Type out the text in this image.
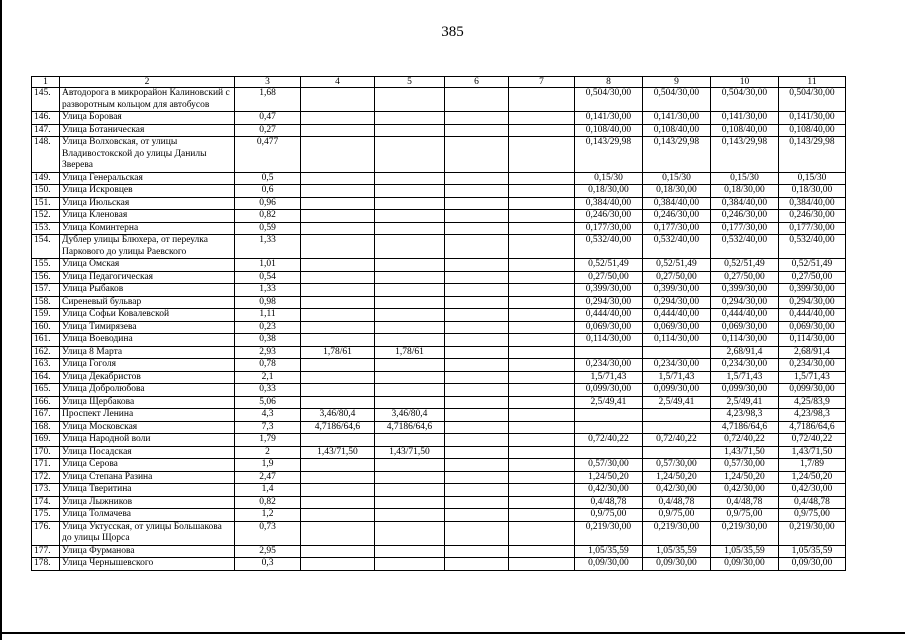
385
1	2	3	4	5	6	7	8	9	10	11
145.	Автодорога в микрорайон Калиновский с разворотным кольцом для автобусов	1,68					0,504/30,00	0,504/30,00	0,504/30,00	0,504/30,00
146.	Улица Боровая	0,47					0,141/30,00	0,141/30,00	0,141/30,00	0,141/30,00
147.	Улица Ботаническая	0,27					0,108/40,00	0,108/40,00	0,108/40,00	0,108/40,00
148.	Улица Волховская, от улицы Владивостокской до улицы Данилы Зверева	0,477					0,143/29,98	0,143/29,98	0,143/29,98	0,143/29,98
149.	Улица Генеральская	0,5					0,15/30	0,15/30	0,15/30	0,15/30
150.	Улица Искровцев	0,6					0,18/30,00	0,18/30,00	0,18/30,00	0,18/30,00
151.	Улица Июльская	0,96					0,384/40,00	0,384/40,00	0,384/40,00	0,384/40,00
152.	Улица Кленовая	0,82					0,246/30,00	0,246/30,00	0,246/30,00	0,246/30,00
153.	Улица Коминтерна	0,59					0,177/30,00	0,177/30,00	0,177/30,00	0,177/30,00
154.	Дублер улицы Блюхера, от переулка Паркового до улицы Раевского	1,33					0,532/40,00	0,532/40,00	0,532/40,00	0,532/40,00
155.	Улица Омская	1,01					0,52/51,49	0,52/51,49	0,52/51,49	0,52/51,49
156.	Улица Педагогическая	0,54					0,27/50,00	0,27/50,00	0,27/50,00	0,27/50,00
157.	Улица Рыбаков	1,33					0,399/30,00	0,399/30,00	0,399/30,00	0,399/30,00
158.	Сиреневый бульвар	0,98					0,294/30,00	0,294/30,00	0,294/30,00	0,294/30,00
159.	Улица Софьи Ковалевской	1,11					0,444/40,00	0,444/40,00	0,444/40,00	0,444/40,00
160.	Улица Тимирязева	0,23					0,069/30,00	0,069/30,00	0,069/30,00	0,069/30,00
161.	Улица Воеводина	0,38					0,114/30,00	0,114/30,00	0,114/30,00	0,114/30,00
162.	Улица 8 Марта	2,93	1,78/61	1,78/61					2,68/91,4	2,68/91,4
163.	Улица Гоголя	0,78					0,234/30,00	0,234/30,00	0,234/30,00	0,234/30,00
164.	Улица Декабристов	2,1					1,5/71,43	1,5/71,43	1,5/71,43	1,5/71,43
165.	Улица Добролюбова	0,33					0,099/30,00	0,099/30,00	0,099/30,00	0,099/30,00
166.	Улица Щербакова	5,06					2,5/49,41	2,5/49,41	2,5/49,41	4,25/83,9
167.	Проспект Ленина	4,3	3,46/80,4	3,46/80,4					4,23/98,3	4,23/98,3
168.	Улица Московская	7,3	4,7186/64,6	4,7186/64,6					4,7186/64,6	4,7186/64,6
169.	Улица Народной воли	1,79					0,72/40,22	0,72/40,22	0,72/40,22	0,72/40,22
170.	Улица Посадская	2	1,43/71,50	1,43/71,50					1,43/71,50	1,43/71,50
171.	Улица Серова	1,9					0,57/30,00	0,57/30,00	0,57/30,00	1,7/89
172.	Улица Степана Разина	2,47					1,24/50,20	1,24/50,20	1,24/50,20	1,24/50,20
173.	Улица Тверитина	1,4					0,42/30,00	0,42/30,00	0,42/30,00	0,42/30,00
174.	Улица Лыжников	0,82					0,4/48,78	0,4/48,78	0,4/48,78	0,4/48,78
175.	Улица Толмачева	1,2					0,9/75,00	0,9/75,00	0,9/75,00	0,9/75,00
176.	Улица Уктусская, от улицы Большакова до улицы Щорса	0,73					0,219/30,00	0,219/30,00	0,219/30,00	0,219/30,00
177.	Улица Фурманова	2,95					1,05/35,59	1,05/35,59	1,05/35,59	1,05/35,59
178.	Улица Чернышевского	0,3					0,09/30,00	0,09/30,00	0,09/30,00	0,09/30,00
